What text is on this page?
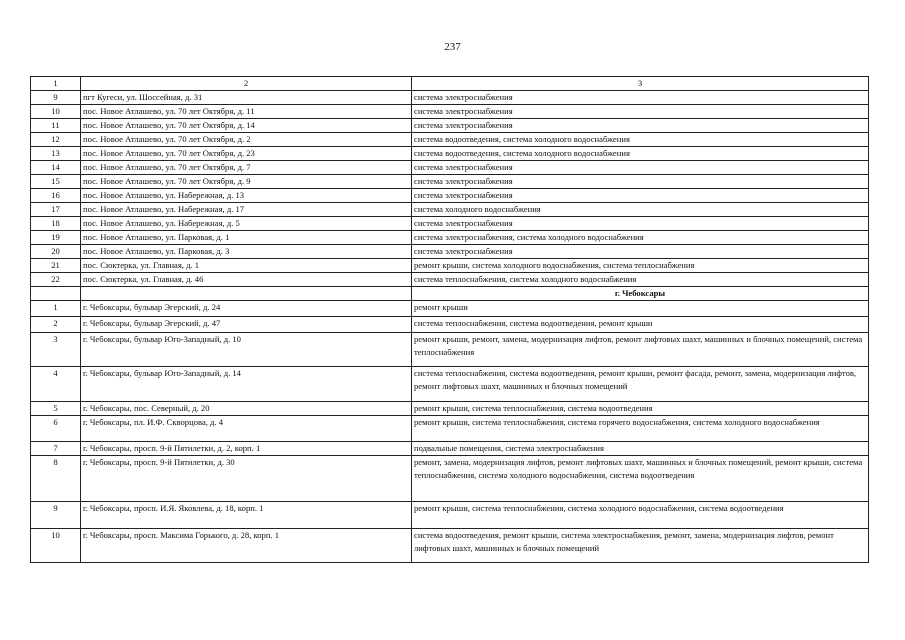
237
1	2	3
9	пгт Кугеси, ул. Шоссейная, д. 31	система электроснабжения
10	пос. Новое Атлашево, ул. 70 лет Октября, д. 11	система электроснабжения
11	пос. Новое Атлашево, ул. 70 лет Октября, д. 14	система электроснабжения
12	пос. Новое Атлашево, ул. 70 лет Октября, д. 2	система водоотведения, система холодного водоснабжения
13	пос. Новое Атлашево, ул. 70 лет Октября, д. 23	система водоотведения, система холодного водоснабжения
14	пос. Новое Атлашево, ул. 70 лет Октября, д. 7	система электроснабжения
15	пос. Новое Атлашево, ул. 70 лет Октября, д. 9	система электроснабжения
16	пос. Новое Атлашево, ул. Набережная, д. 13	система электроснабжения
17	пос. Новое Атлашево, ул. Набережная, д. 17	система холодного водоснабжения
18	пос. Новое Атлашево, ул. Набережная, д. 5	система электроснабжения
19	пос. Новое Атлашево, ул. Парковая, д. 1	система электроснабжения, система холодного водоснабжения
20	пос. Новое Атлашево, ул. Парковая, д. 3	система электроснабжения
21	пос. Сюктерка, ул. Главная, д. 1	ремонт крыши, система холодного водоснабжения, система теплоснабжения
22	пос. Сюктерка, ул. Главная, д. 46	система теплоснабжения, система холодного водоснабжения
		г. Чебоксары
1	г. Чебоксары, бульвар Эгерский, д. 24	ремонт крыши
2	г. Чебоксары, бульвар Эгерский, д. 47	система теплоснабжения, система водоотведения, ремонт крыши
3	г. Чебоксары, бульвар Юго-Западный, д. 10	ремонт крыши, ремонт, замена, модернизация лифтов, ремонт лифтовых шахт, машинных и блочных помещений, система теплоснабжения
4	г. Чебоксары, бульвар Юго-Западный, д. 14	система теплоснабжения, система водоотведения, ремонт крыши, ремонт фасада, ремонт, замена, модернизация лифтов, ремонт лифтовых шахт, машинных и блочных помещений
5	г. Чебоксары, пос. Северный, д. 20	ремонт крыши, система теплоснабжения, система водоотведения
6	г. Чебоксары, пл. И.Ф. Скворцова, д. 4	ремонт крыши, система теплоснабжения, система горячего водоснабжения, система холодного водоснабжения
7	г. Чебоксары, просп. 9-й Пятилетки, д. 2, корп. 1	подвальные помещения, система электроснабжения
8	г. Чебоксары, просп. 9-й Пятилетки, д. 30	ремонт, замена, модернизация лифтов, ремонт лифтовых шахт, машинных и блочных помещений, ремонт крыши, система теплоснабжения, система холодного водоснабжения, система водоотведения
9	г. Чебоксары, просп. И.Я. Яковлева, д. 18, корп. 1	ремонт крыши, система теплоснабжения, система холодного водоснабжения, система водоотведения
10	г. Чебоксары, просп. Максима Горького, д. 28, корп. 1	система водоотведения, ремонт крыши, система электроснабжения, ремонт, замена, модернизация лифтов, ремонт лифтовых шахт, машинных и блочных помещений
